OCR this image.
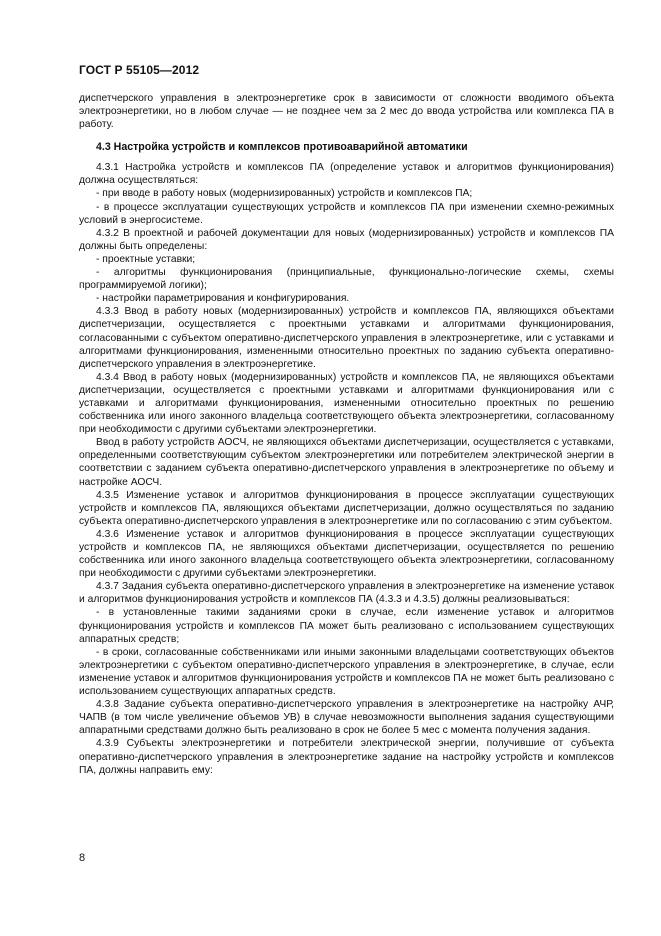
ГОСТ Р 55105—2012

диспетчерского управления в электроэнергетике срок в зависимости от сложности вводимого объекта электроэнергетики, но в любом случае — не позднее чем за 2 мес до ввода устройства или комплекса ПА в работу.

4.3 Настройка устройств и комплексов противоаварийной автоматики

4.3.1 Настройка устройств и комплексов ПА (определение уставок и алгоритмов функционирования) должна осуществляться:

- при вводе в работу новых (модернизированных) устройств и комплексов ПА;

- в процессе эксплуатации существующих устройств и комплексов ПА при изменении схемно-режимных условий в энергосистеме.

4.3.2 В проектной и рабочей документации для новых (модернизированных) устройств и комплексов ПА должны быть определены:

- проектные уставки;

- алгоритмы функционирования (принципиальные, функционально-логические схемы, схемы программируемой логики);

- настройки параметрирования и конфигурирования.

4.3.3 Ввод в работу новых (модернизированных) устройств и комплексов ПА, являющихся объектами диспетчеризации, осуществляется с проектными уставками и алгоритмами функционирования, согласованными с субъектом оперативно-диспетчерского управления в электроэнергетике, или с уставками и алгоритмами функционирования, измененными относительно проектных по заданию субъекта оперативно-диспетчерского управления в электроэнергетике.

4.3.4 Ввод в работу новых (модернизированных) устройств и комплексов ПА, не являющихся объектами диспетчеризации, осуществляется с проектными уставками и алгоритмами функционирования или с уставками и алгоритмами функционирования, измененными относительно проектных по решению собственника или иного законного владельца соответствующего объекта электроэнергетики, согласованному при необходимости с другими субъектами электроэнергетики.

Ввод в работу устройств АОСЧ, не являющихся объектами диспетчеризации, осуществляется с уставками, определенными соответствующим субъектом электроэнергетики или потребителем электрической энергии в соответствии с заданием субъекта оперативно-диспетчерского управления в электроэнергетике по объему и настройке АОСЧ.

4.3.5 Изменение уставок и алгоритмов функционирования в процессе эксплуатации существующих устройств и комплексов ПА, являющихся объектами диспетчеризации, должно осуществляться по заданию субъекта оперативно-диспетчерского управления в электроэнергетике или по согласованию с этим субъектом.

4.3.6 Изменение уставок и алгоритмов функционирования в процессе эксплуатации существующих устройств и комплексов ПА, не являющихся объектами диспетчеризации, осуществляется по решению собственника или иного законного владельца соответствующего объекта электроэнергетики, согласованному при необходимости с другими субъектами электроэнергетики.

4.3.7 Задания субъекта оперативно-диспетчерского управления в электроэнергетике на изменение уставок и алгоритмов функционирования устройств и комплексов ПА (4.3.3 и 4.3.5) должны реализовываться:

- в установленные такими заданиями сроки в случае, если изменение уставок и алгоритмов функционирования устройств и комплексов ПА может быть реализовано с использованием существующих аппаратных средств;

- в сроки, согласованные собственниками или иными законными владельцами соответствующих объектов электроэнергетики с субъектом оперативно-диспетчерского управления в электроэнергетике, в случае, если изменение уставок и алгоритмов функционирования устройств и комплексов ПА не может быть реализовано с использованием существующих аппаратных средств.

4.3.8 Задание субъекта оперативно-диспетчерского управления в электроэнергетике на настройку АЧР, ЧАПВ (в том числе увеличение объемов УВ) в случае невозможности выполнения задания существующими аппаратными средствами должно быть реализовано в срок не более 5 мес с момента получения задания.

4.3.9 Субъекты электроэнергетики и потребители электрической энергии, получившие от субъекта оперативно-диспетчерского управления в электроэнергетике задание на настройку устройств и комплексов ПА, должны направить ему:

8
